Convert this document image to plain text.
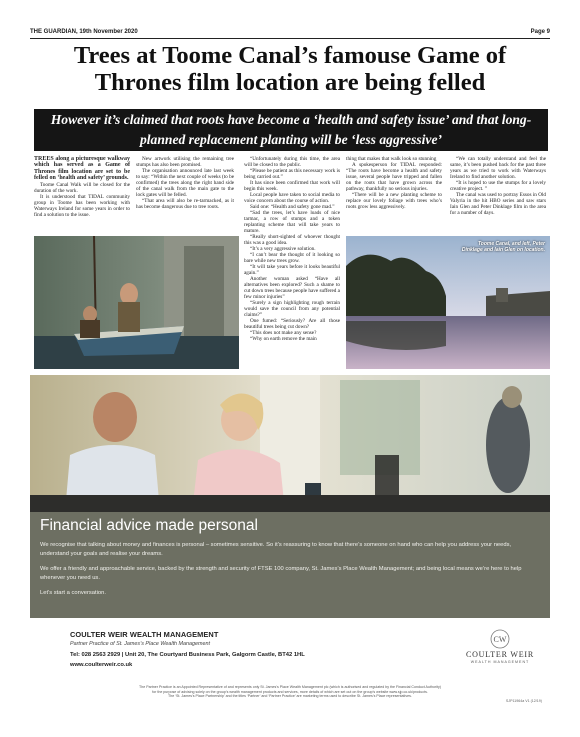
THE GUARDIAN, 19th November 2020	Page 9
Trees at Toome Canal’s famouse Game of Thrones film location are being felled
However it’s claimed that roots have become a ‘health and safety issue’ and that long-planned replacement planting will be ‘less aggressive’

TREES along a picturesque walkway which has served as a Game of Thrones film location are set to be felled on ‘health and safety’ grounds.

Toome Canal Walk will be closed for the duration of the work.

It is understood that TIDAL community group in Toome has been working with Waterways Ireland for some years in order to find a solution to the issue.

New artwork utilising the remaining tree stumps has also been promised.

The organisation announced late last week to say: “Within the next couple of weeks (to be confirmed) the trees along the right hand side of the canal walk from the main gate to the lock gates will be felled.

“That area will also be re-tarmacked, as it has become dangerous due to tree roots.

“Unfortunately during this time, the area will be closed to the public.

“Please be patient as this necessary work is being carried out.”

It has since been confirmed that work will begin this week.

Local people have taken to social media to voice concern about the course of action.

Said one: “Health and safety gone mad.”

“Sad the trees, let’s have loads of nice tarmac, a row of stumps and a token replanting scheme that will take years to mature.

“Really short-sighted of whoever thought this was a good idea.

“It’s a very aggressive solution.

“I can’t bear the thought of it looking so bare while new trees grow.

“It will take years before it looks beautiful again.”

Another woman asked “Have all alternatives been explored? Such a shame to cut down trees because people have suffered a few minor injuries”

“Surely a sign highlighting rough terrain would save the council from any potential claims?”

One fumed: “Seriously? Are all those beautiful trees being cut down?

“This does not make any sense?

“Why on earth remove the main

thing that makes that walk look so stunning

A spokesperson for TIDAL responded: “The roots have become a health and safety issue, several people have tripped and fallen on the roots that have grown across the pathway, thankfully no serious injuries.

“There will be a new planting scheme to replace our lovely foliage with trees who’s roots grow less aggressively.

“We can totally understand and feel the same, it’s been pushed back for the past three years as we tried to work with Waterways Ireland to find another solution.

“It is hoped to use the stumps for a lovely creative project. ”

The canal was used to portray Essos in Old Valyria in the hit HBO series and saw stars Iain Glen and Peter Dinklage film in the area for a number of days.

Toome Canal, and left, Peter Dinklage and Iain Glen on location.
Financial advice made personal
We recognise that talking about money and finances is personal – sometimes sensitive. So it’s reassuring to know that there’s someone on hand who can help you address your needs, understand your goals and realise your dreams.
We offer a friendly and approachable service, backed by the strength and security of FTSE 100 company, St. James’s Place Wealth Management; and being local means we’re here to help whenever you need us.
Let’s start a conversation.
COULTER WEIR WEALTH MANAGEMENT
Partner Practice of St. James’s Place Wealth Management
Tel: 028 2563 2929 | Unit 20, The Courtyard Business Park, Galgorm Castle, BT42 1HL
www.coulterweir.co.uk
CW
COULTER WEIR
WEALTH MANAGEMENT
The Partner Practice is an Appointed Representative of and represents only St. James’s Place Wealth Management plc (which is authorised and regulated by the Financial Conduct Authority)
for the purpose of advising solely on the group’s wealth management products and services, more details of which are set out on the group’s website www.sjp.co.uk/products.
The ‘St. James’s Place Partnership’ and the titles ‘Partner’ and ‘Partner Practice’ are marketing terms used to describe St. James’s Place representatives.
SJP11964a V1 (12/19)
